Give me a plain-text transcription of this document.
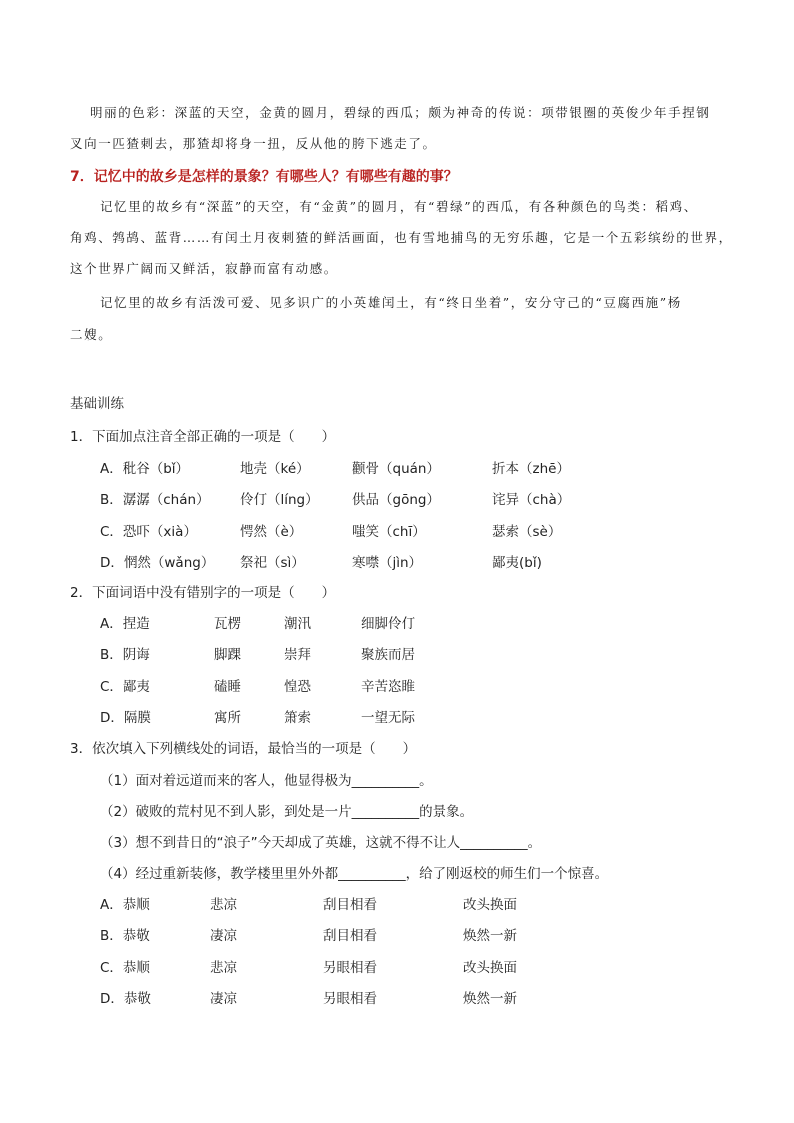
明丽的色彩：深蓝的天空，金黄的圆月，碧绿的西瓜；颇为神奇的传说：项带银圈的英俊少年手捏钢
叉向一匹猹刺去，那猹却将身一扭，反从他的胯下逃走了。
7．记忆中的故乡是怎样的景象？有哪些人？有哪些有趣的事？
记忆里的故乡有“深蓝”的天空，有“金黄”的圆月，有“碧绿”的西瓜，有各种颜色的鸟类：稻鸡、
角鸡、鹁鸪、蓝背……有闰土月夜刺猹的鲜活画面，也有雪地捕鸟的无穷乐趣，它是一个五彩缤纷的世界，
这个世界广阔而又鲜活，寂静而富有动感。
记忆里的故乡有活泼可爱、见多识广的小英雄闰土，有“终日坐着”，安分守己的“豆腐西施”杨
二嫂。
基础训练
1．下面加点注音全部正确的一项是（　　）
A．秕谷（bǐ）	地壳（ké）	颧骨（quán）	折本（zhē）
B．潺潺（chán） 伶仃（líng） 供品（gōng）	诧异（chà）
C．恐吓（xià）	愕然（è）	嗤笑（chī）	瑟索（sè）
D．惘然（wǎng） 祭祀（sì）	寒噤（jìn）	鄙夷(bǐ)
2．下面词语中没有错别字的一项是（　　）
A．捏造	瓦楞	潮汛	细脚伶仃
B．阴诲	脚踝	崇拜	聚族而居
C．鄙夷	磕睡	惶恐	辛苦恣睢
D．隔膜	寓所	箫索	一望无际
3．依次填入下列横线处的词语，最恰当的一项是（　　）
（1）面对着远道而来的客人，他显得极为__________。
（2）破败的荒村见不到人影，到处是一片__________的景象。
（3）想不到昔日的“浪子”今天却成了英雄，这就不得不让人__________。
（4）经过重新装修，教学楼里里外外都__________，给了刚返校的师生们一个惊喜。
A．恭顺	悲凉	刮目相看	改头换面
B．恭敬	凄凉	刮目相看	焕然一新
C．恭顺	悲凉	另眼相看	改头换面
D．恭敬	凄凉	另眼相看	焕然一新
